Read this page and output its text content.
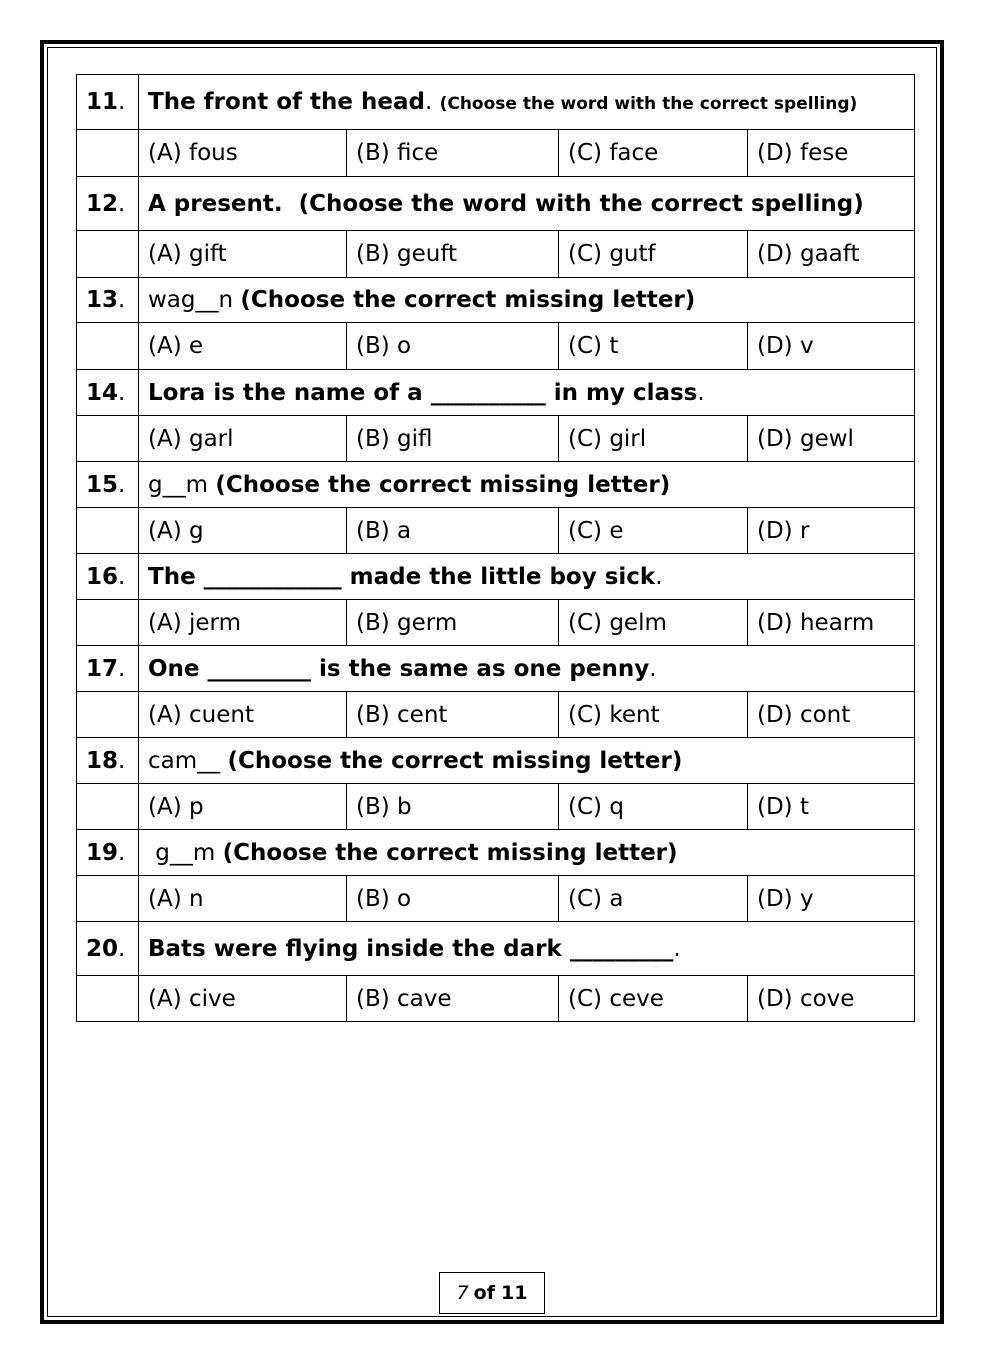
11.	The front of the head. (Choose the word with the correct spelling)			
	(A) fous	(B) fice	(C) face	(D) fese
12.	A present.  (Choose the word with the correct spelling)			
	(A) gift	(B) geuft	(C) gutf	(D) gaaft
13.	wag__n (Choose the correct missing letter)			
	(A) e	(B) o	(C) t	(D) v
14.	Lora is the name of a __________ in my class.			
	(A) garl	(B) gifl	(C) girl	(D) gewl
15.	g__m (Choose the correct missing letter)			
	(A) g	(B) a	(C) e	(D) r
16.	The ____________ made the little boy sick.			
	(A) jerm	(B) germ	(C) gelm	(D) hearm
17.	One _________ is the same as one penny.			
	(A) cuent	(B) cent	(C) kent	(D) cont
18.	cam__ (Choose the correct missing letter)			
	(A) p	(B) b	(C) q	(D) t
19.	g__m (Choose the correct missing letter)			
	(A) n	(B) o	(C) a	(D) y
20.	Bats were flying inside the dark _________.			
	(A) cive	(B) cave	(C) ceve	(D) cove
7 of 11
